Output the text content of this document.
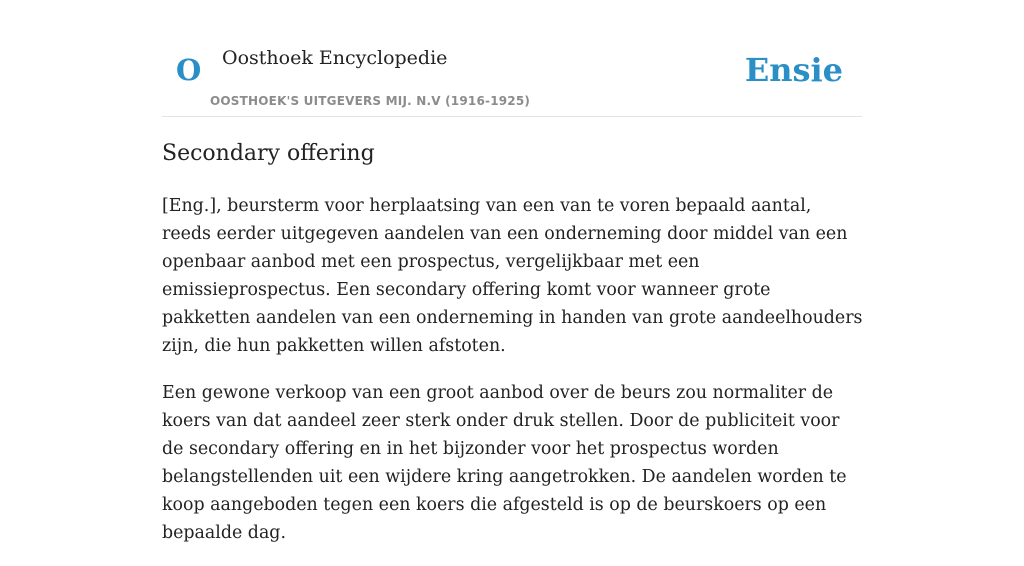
O Oosthoek Encyclopedie
OOSTHOEK'S UITGEVERS MIJ. N.V (1916-1925)
Ensie
Secondary offering

[Eng.], beursterm voor herplaatsing van een van te voren bepaald aantal, reeds eerder uitgegeven aandelen van een onderneming door middel van een openbaar aanbod met een prospectus, vergelijkbaar met een emissieprospectus. Een secondary offering komt voor wanneer grote pakketten aandelen van een onderneming in handen van grote aandeelhouders zijn, die hun pakketten willen afstoten.

Een gewone verkoop van een groot aanbod over de beurs zou normaliter de koers van dat aandeel zeer sterk onder druk stellen. Door de publiciteit voor de secondary offering en in het bijzonder voor het prospectus worden belangstellenden uit een wijdere kring aangetrokken. De aandelen worden te koop aangeboden tegen een koers die afgesteld is op de beurskoers op een bepaalde dag.
